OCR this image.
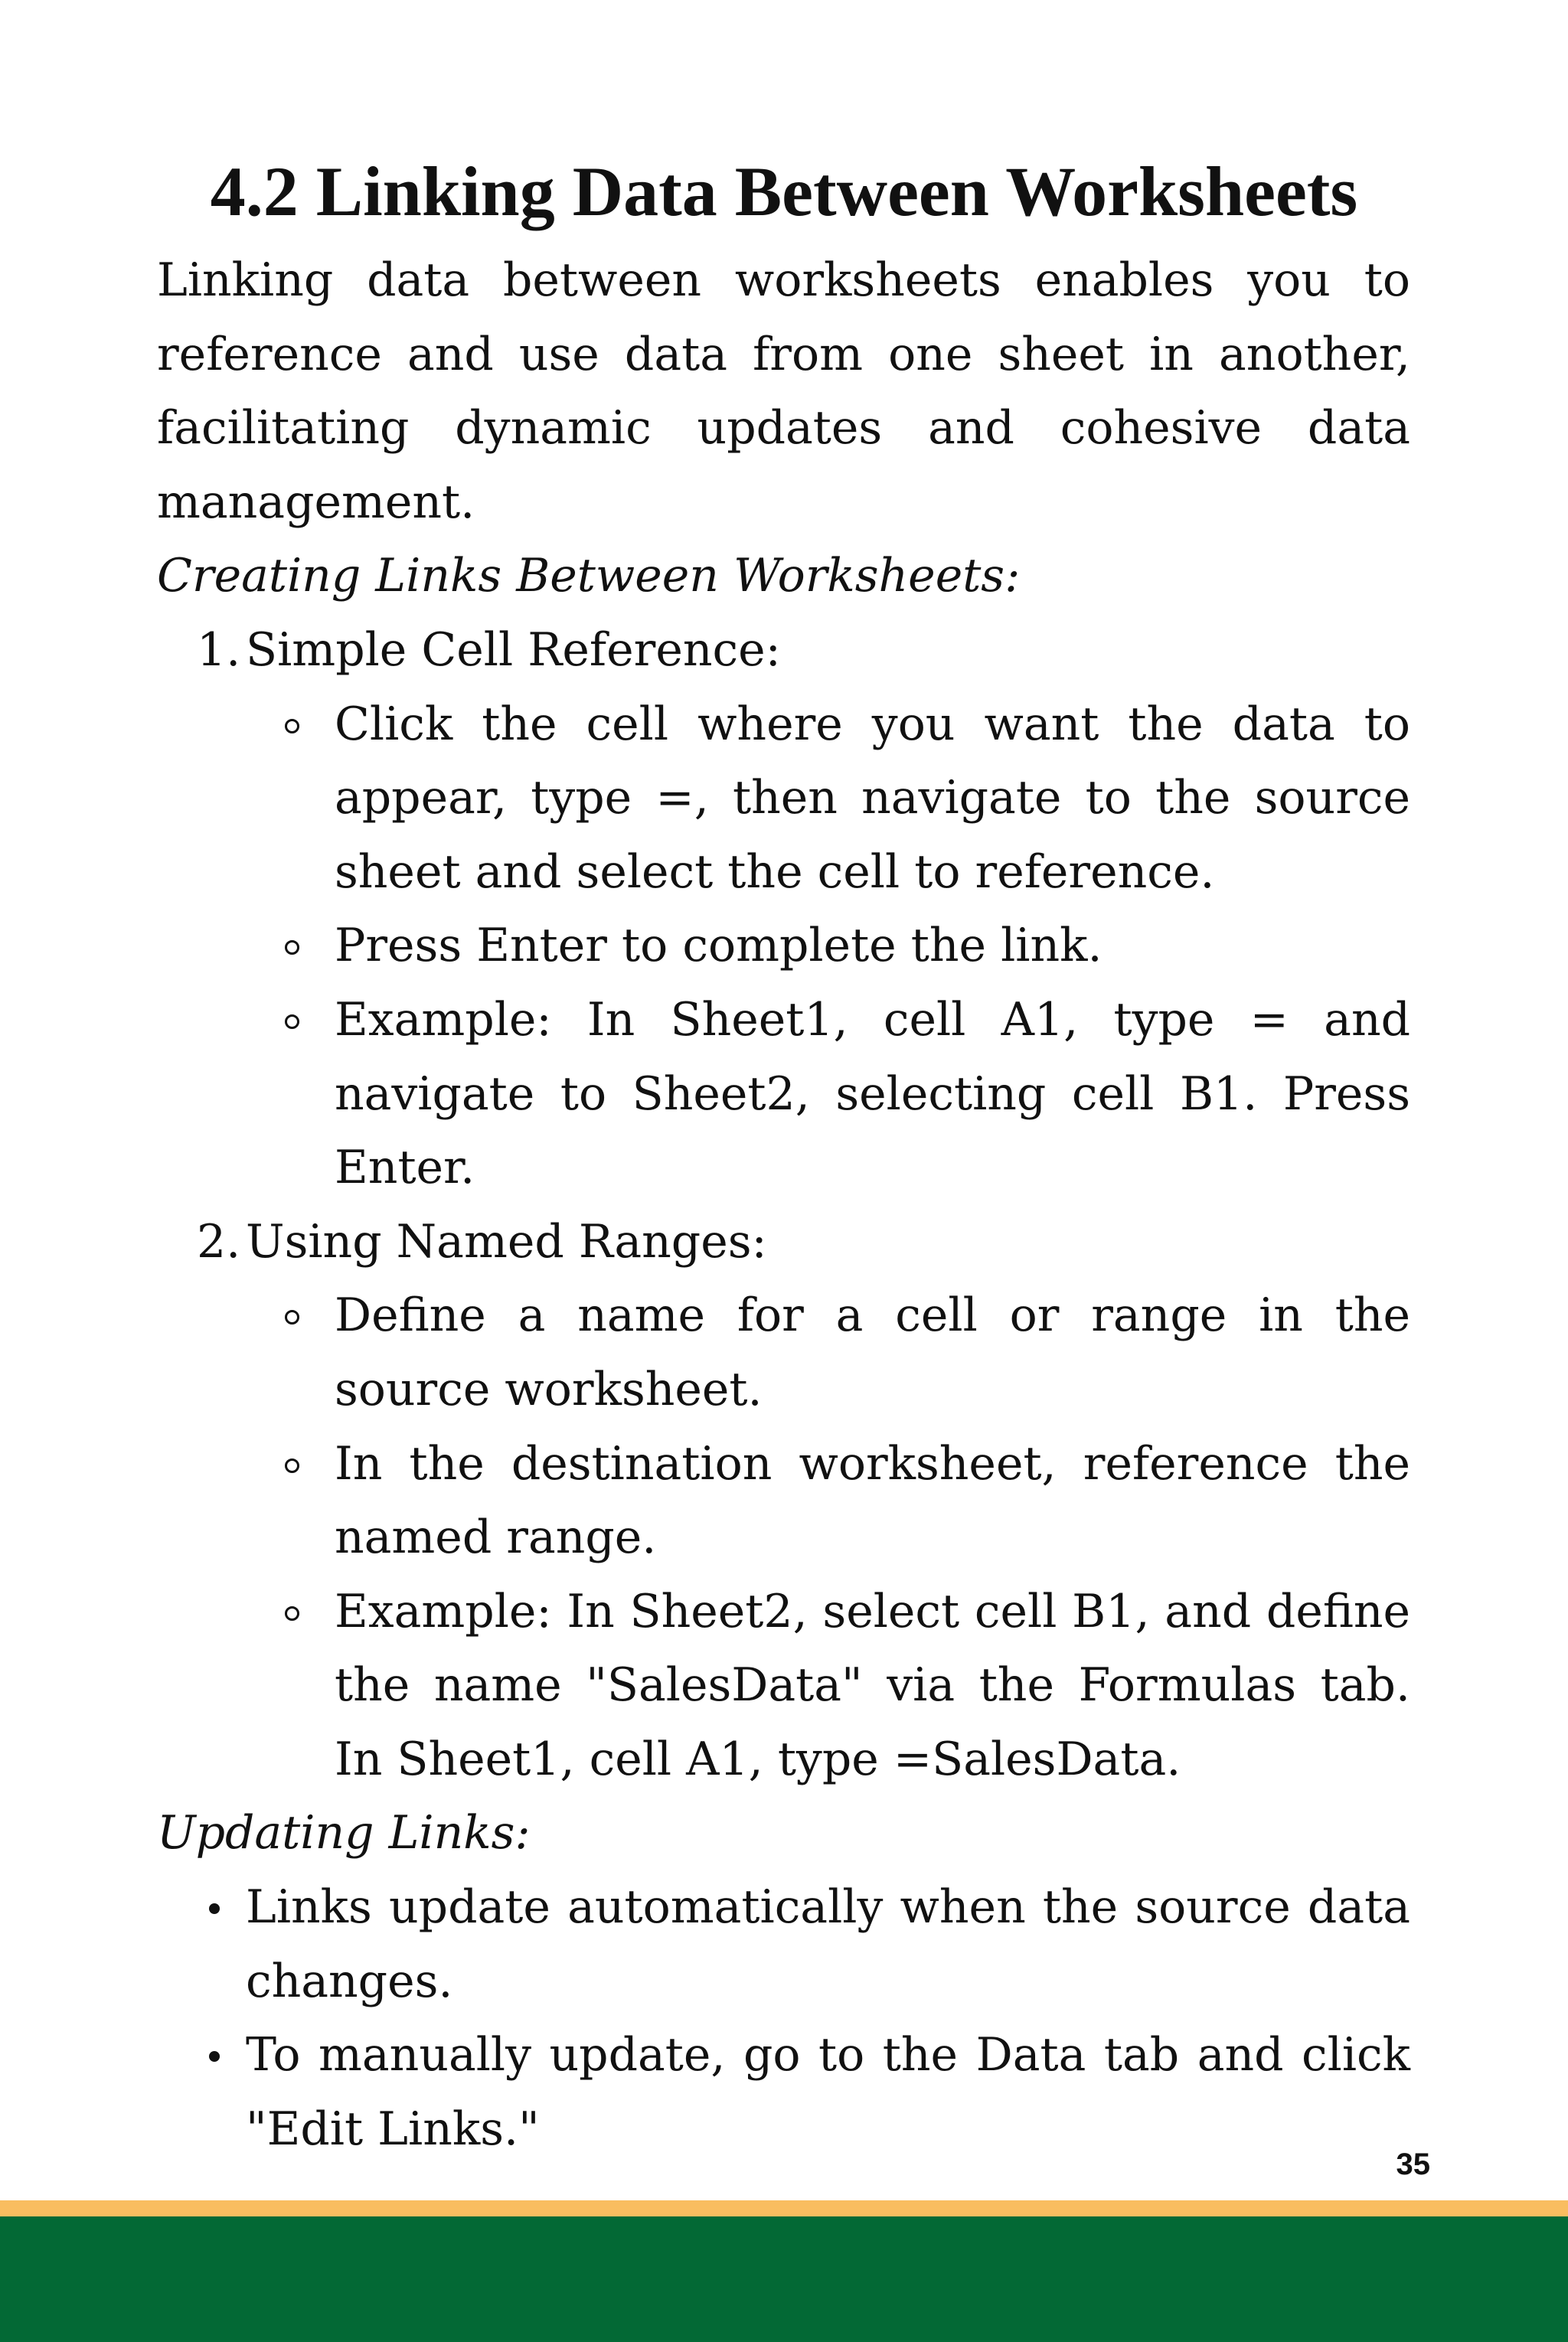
4.2 Linking Data Between Worksheets

Linking data between worksheets enables you to reference and use data from one sheet in another, facilitating dynamic updates and cohesive data management.

Creating Links Between Worksheets:

1. Simple Cell Reference:
Click the cell where you want the data to appear, type =, then navigate to the source sheet and select the cell to reference.
Press Enter to complete the link.
Example: In Sheet1, cell A1, type = and navigate to Sheet2, selecting cell B1. Press Enter.
2. Using Named Ranges:
Define a name for a cell or range in the source worksheet.
In the destination worksheet, reference the named range.
Example: In Sheet2, select cell B1, and define the name "SalesData" via the Formulas tab. In Sheet1, cell A1, type =SalesData.

Updating Links:

Links update automatically when the source data changes.
To manually update, go to the Data tab and click "Edit Links."
35
